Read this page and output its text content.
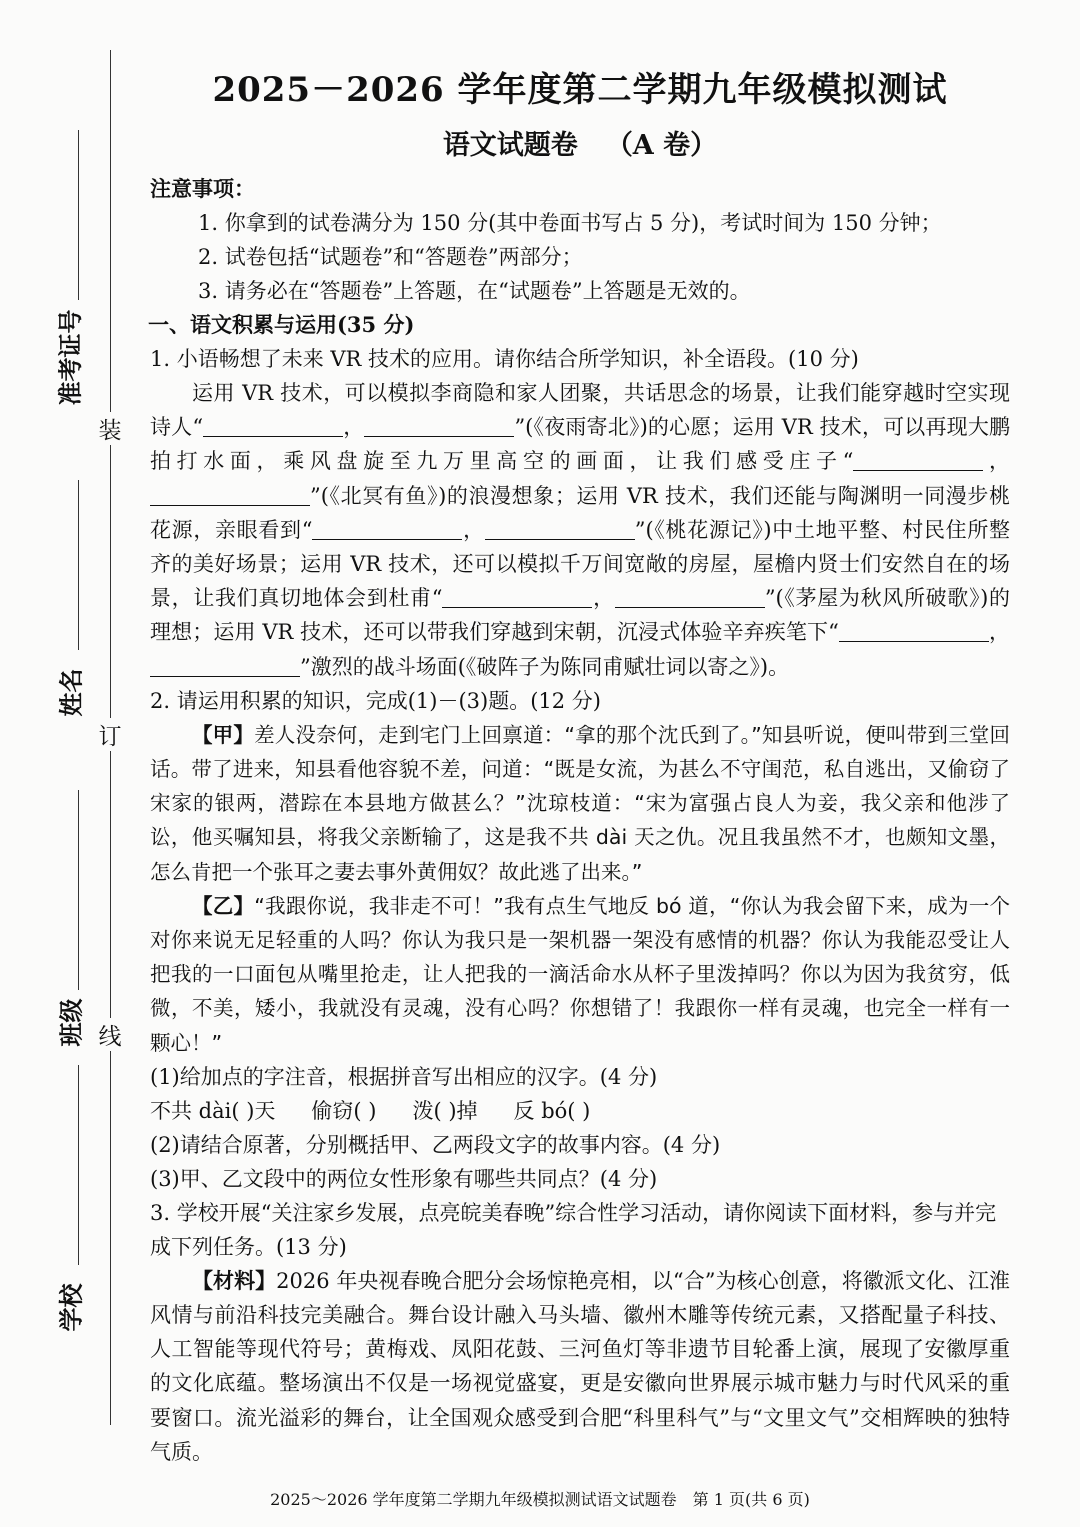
装
订
线
准考证号
姓名
班级
学校
2025－2026 学年度第二学期九年级模拟测试
语文试题卷 （A 卷）
注意事项：
1. 你拿到的试卷满分为 150 分(其中卷面书写占 5 分)，考试时间为 150 分钟；
2. 试卷包括“试题卷”和“答题卷”两部分；
3. 请务必在“答题卷”上答题，在“试题卷”上答题是无效的。
一、语文积累与运用(35 分)
1. 小语畅想了未来 VR 技术的应用。请你结合所学知识，补全语段。(10 分)
运用 VR 技术，可以模拟李商隐和家人团聚，共话思念的场景，让我们能穿越时空实现诗人“	，	”(《夜雨寄北》)的心愿；运用 VR 技术，可以再现大鹏拍打水面，乘风盘旋至九万里高空的画面，让我们感受庄子“	，”(《北冥有鱼》)的浪漫想象；运用 VR 技术，我们还能与陶渊明一同漫步桃花源，亲眼看到“	，	”(《桃花源记》)中土地平整、村民住所整齐的美好场景；运用 VR 技术，还可以模拟千万间宽敞的房屋，屋檐内贤士们安然自在的场景，让我们真切地体会到杜甫“	，	”(《茅屋为秋风所破歌》)的理想；运用 VR 技术，还可以带我们穿越到宋朝，沉浸式体验辛弃疾笔下“	，”激烈的战斗场面(《破阵子为陈同甫赋壮词以寄之》)。
2. 请运用积累的知识，完成(1)－(3)题。(12 分)
【甲】差人没奈何，走到宅门上回禀道：“拿的那个沈氏到了。”知县听说，便叫带到三堂回话。带了进来，知县看他容貌不差，问道：“既是女流，为甚么不守闺范，私自逃出，又偷窃了宋家的银两，潜踪在本县地方做甚么？”沈琼枝道：“宋为富强占良人为妾，我父亲和他涉了讼，他买嘱知县，将我父亲断输了，这是我不共 dài 天之仇。况且我虽然不才，也颇知文墨，怎么肯把一个张耳之妻去事外黄佣奴？故此逃了出来。”
【乙】“我跟你说，我非走不可！”我有点生气地反 bó 道，“你认为我会留下来，成为一个对你来说无足轻重的人吗？你认为我只是一架机器一架没有感情的机器？你认为我能忍受让人把我的一口面包从嘴里抢走，让人把我的一滴活命水从杯子里泼掉吗？你以为因为我贫穷，低微，不美，矮小，我就没有灵魂，没有心吗？你想错了！我跟你一样有灵魂，也完全一样有一颗心！”
(1)给加点的字注音，根据拼音写出相应的汉字。(4 分)
不共 dài( )天 偷窃( ) 泼( )掉 反 bó( )
(2)请结合原著，分别概括甲、乙两段文字的故事内容。(4 分)
(3)甲、乙文段中的两位女性形象有哪些共同点？(4 分)
3. 学校开展“关注家乡发展，点亮皖美春晚”综合性学习活动，请你阅读下面材料，参与并完成下列任务。(13 分)
【材料】2026 年央视春晚合肥分会场惊艳亮相，以“合”为核心创意，将徽派文化、江淮风情与前沿科技完美融合。舞台设计融入马头墙、徽州木雕等传统元素，又搭配量子科技、人工智能等现代符号；黄梅戏、凤阳花鼓、三河鱼灯等非遗节目轮番上演，展现了安徽厚重的文化底蕴。整场演出不仅是一场视觉盛宴，更是安徽向世界展示城市魅力与时代风采的重要窗口。流光溢彩的舞台，让全国观众感受到合肥“科里科气”与“文里文气”交相辉映的独特气质。
2025～2026 学年度第二学期九年级模拟测试语文试题卷 第 1 页(共 6 页)
